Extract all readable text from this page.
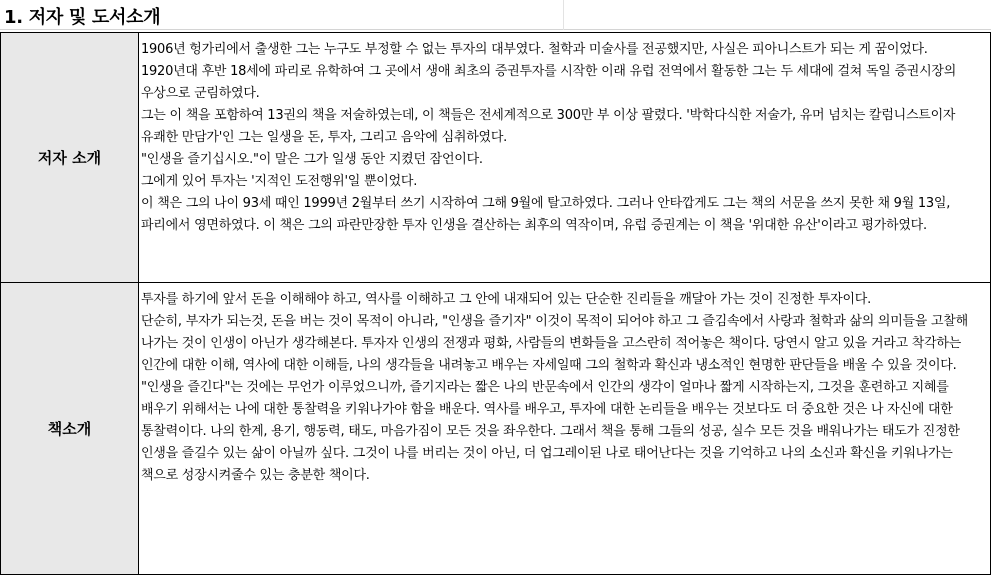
1. 저자 및 도서소개
저자 소개	1906년 헝가리에서 출생한 그는 누구도 부정할 수 없는 투자의 대부였다. 철학과 미술사를 전공했지만, 사실은 피아니스트가 되는 게 꿈이었다. 1920년대 후반 18세에 파리로 유학하여 그 곳에서 생애 최초의 증권투자를 시작한 이래 유럽 전역에서 활동한 그는 두 세대에 걸쳐 독일 증권시장의 우상으로 군림하였다.

그는 이 책을 포함하여 13권의 책을 저술하였는데, 이 책들은 전세계적으로 300만 부 이상 팔렸다. '박학다식한 저술가, 유머 넘치는 칼럼니스트이자 유쾌한 만담가'인 그는 일생을 돈, 투자, 그리고 음악에 심취하였다.

"인생을 즐기십시오."이 말은 그가 일생 동안 지켰던 잠언이다.

그에게 있어 투자는 '지적인 도전행위'일 뿐이었다.

이 책은 그의 나이 93세 때인 1999년 2월부터 쓰기 시작하여 그해 9월에 탈고하였다. 그러나 안타깝게도 그는 책의 서문을 쓰지 못한 채 9월 13일, 파리에서 영면하였다. 이 책은 그의 파란만장한 투자 인생을 결산하는 최후의 역작이며, 유럽 증권계는 이 책을 '위대한 유산'이라고 평가하였다.

책소개	투자를 하기에 앞서 돈을 이해해야 하고, 역사를 이해하고 그 안에 내재되어 있는 단순한 진리들을 깨달아 가는 것이 진정한 투자이다.

단순히, 부자가 되는것, 돈을 버는 것이 목적이 아니라, "인생을 즐기자" 이것이 목적이 되어야 하고 그 즐김속에서 사랑과 철학과 삶의 의미들을 고찰해 나가는 것이 인생이 아닌가 생각해본다. 투자자 인생의 전쟁과 평화, 사람들의 변화들을 고스란히 적어놓은 책이다. 당연시 알고 있을 거라고 착각하는 인간에 대한 이해, 역사에 대한 이해들, 나의 생각들을 내려놓고 배우는 자세일때 그의 철학과 확신과 냉소적인 현명한 판단들을 배울 수 있을 것이다.

"인생을 즐긴다"는 것에는 무언가 이루었으니까, 즐기지라는 짧은 나의 반문속에서 인간의 생각이 얼마나 짧게 시작하는지, 그것을 훈련하고 지혜를 배우기 위해서는 나에 대한 통찰력을 키워나가야 함을 배운다. 역사를 배우고, 투자에 대한 논리들을 배우는 것보다도 더 중요한 것은 나 자신에 대한 통찰력이다. 나의 한계, 용기, 행동력, 태도, 마음가짐이 모든 것을 좌우한다. 그래서 책을 통해 그들의 성공, 실수 모든 것을 배워나가는 태도가 진정한 인생을 즐길수 있는 삶이 아닐까 싶다. 그것이 나를 버리는 것이 아닌, 더 업그레이된 나로 태어난다는 것을 기억하고 나의 소신과 확신을 키워나가는 책으로 성장시켜줄수 있는 충분한 책이다.
